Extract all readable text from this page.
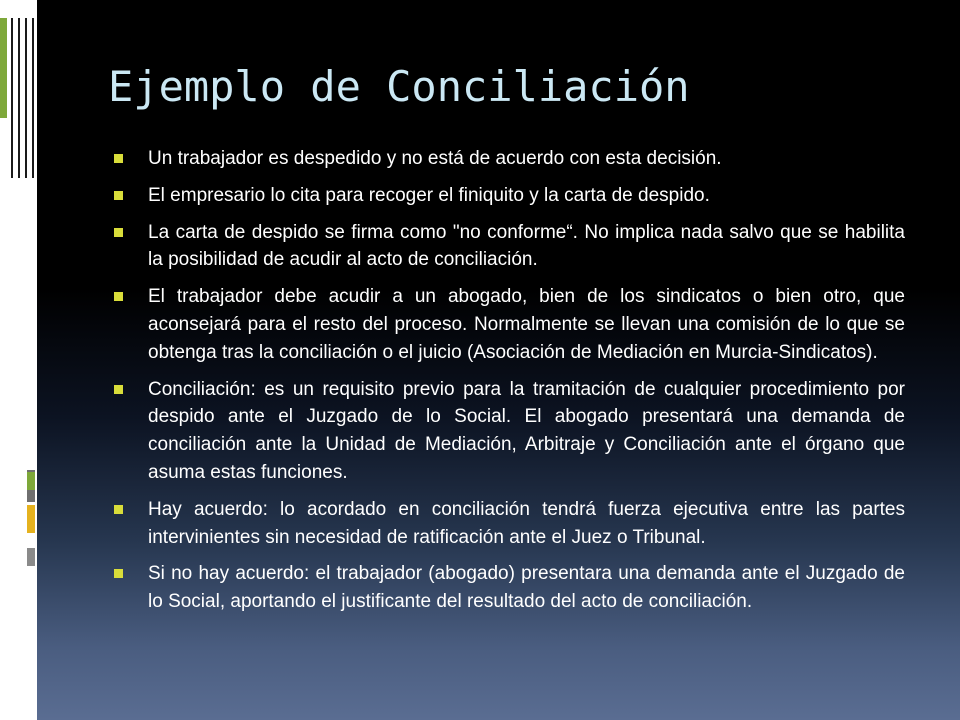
Ejemplo de Conciliación
Un trabajador es despedido y no está de acuerdo con esta decisión.
El empresario lo cita para recoger el finiquito y la carta de despido.
La carta de despido se firma como "no conforme“. No implica nada salvo que se habilita la posibilidad de acudir al acto de conciliación.
El trabajador debe acudir a un abogado, bien de los sindicatos o bien otro, que aconsejará para el resto del proceso. Normalmente se llevan una comisión de lo que se obtenga tras la conciliación o el juicio (Asociación de Mediación en Murcia-Sindicatos).
Conciliación: es un requisito previo para la tramitación de cualquier procedimiento por despido ante el Juzgado de lo Social. El abogado presentará una demanda de conciliación ante la Unidad de Mediación, Arbitraje y Conciliación ante el órgano que asuma estas funciones.
Hay acuerdo: lo acordado en conciliación tendrá fuerza ejecutiva entre las partes intervinientes sin necesidad de ratificación ante el Juez o Tribunal.
Si no hay acuerdo: el trabajador (abogado) presentara una demanda ante el Juzgado de lo Social, aportando el justificante del resultado del acto de conciliación.
